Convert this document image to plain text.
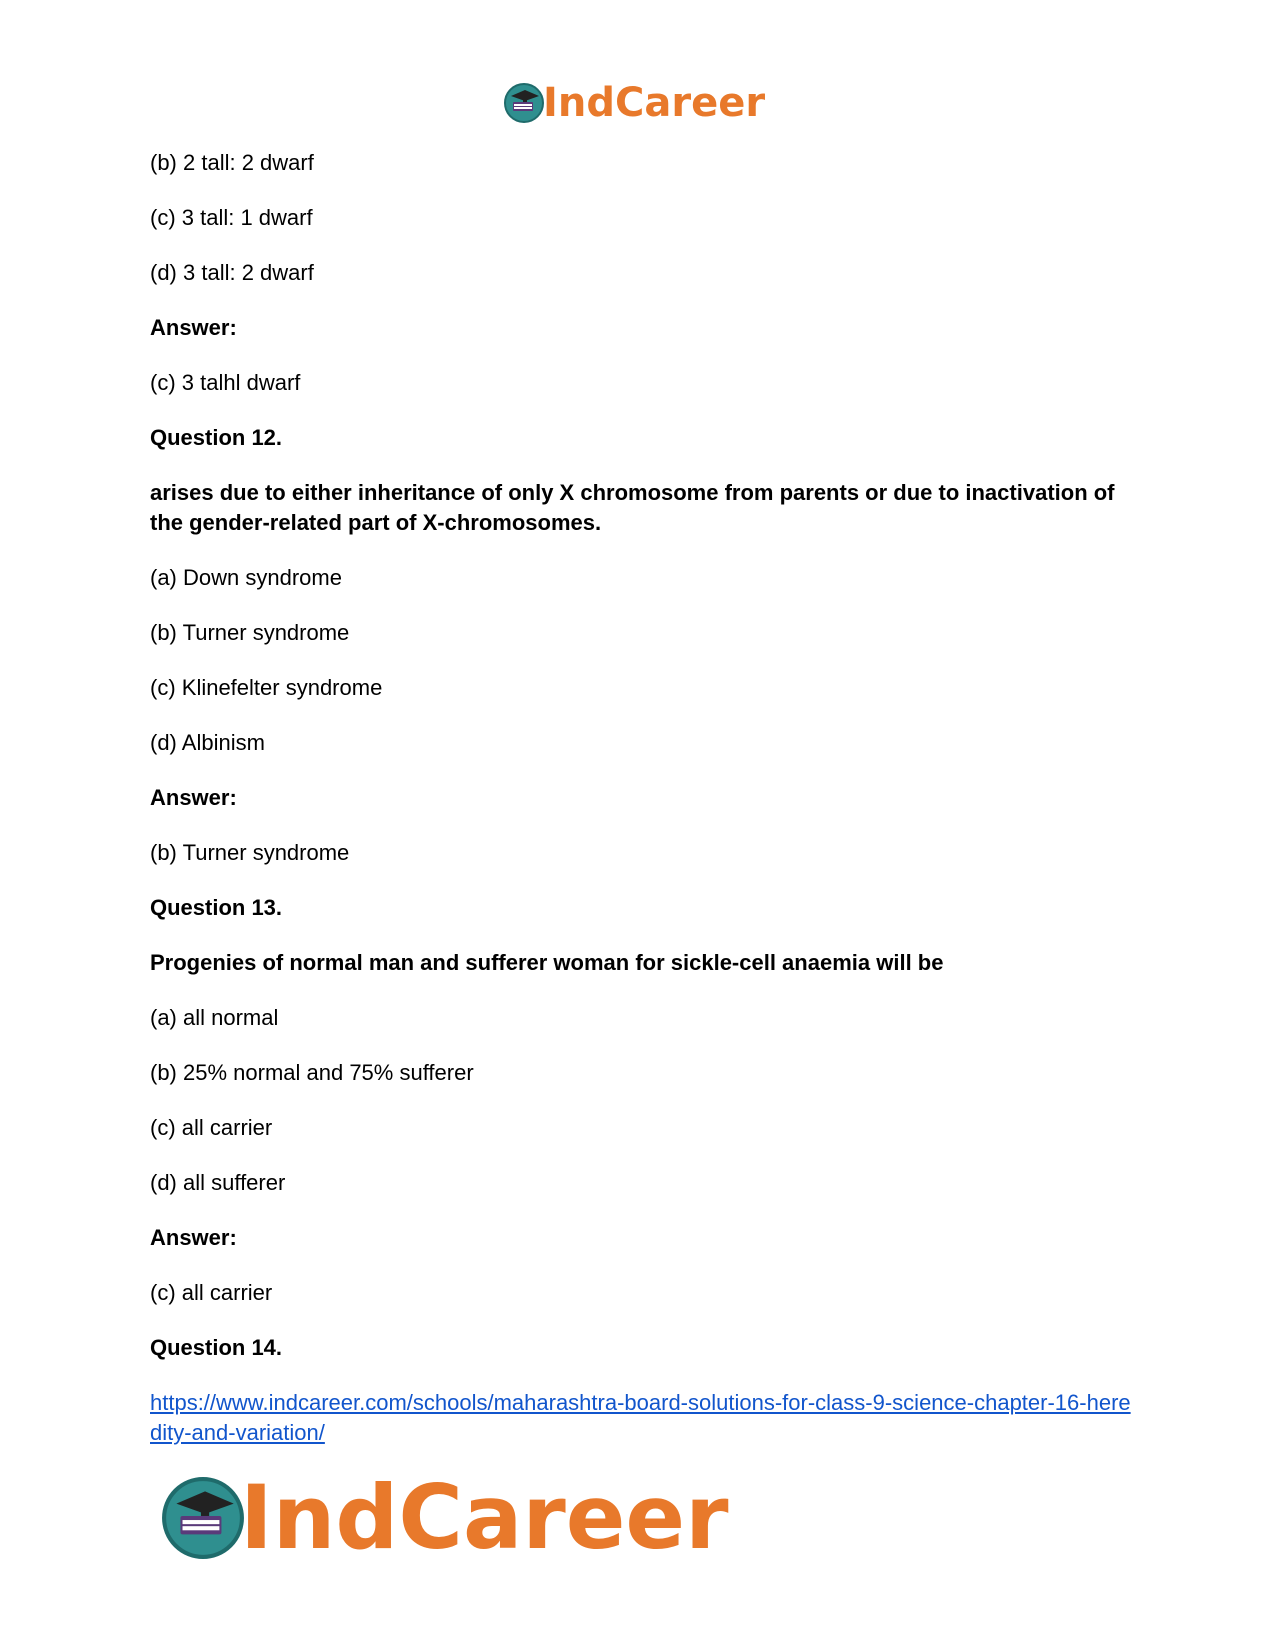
IndCareer
(b) 2 tall: 2 dwarf
(c) 3 tall: 1 dwarf
(d) 3 tall: 2 dwarf
Answer:
(c) 3 talhl dwarf
Question 12.
arises due to either inheritance of only X chromosome from parents or due to inactivation of the gender-related part of X-chromosomes.
(a) Down syndrome
(b) Turner syndrome
(c) Klinefelter syndrome
(d) Albinism
Answer:
(b) Turner syndrome
Question 13.
Progenies of normal man and sufferer woman for sickle-cell anaemia will be
(a) all normal
(b) 25% normal and 75% sufferer
(c) all carrier
(d) all sufferer
Answer:
(c) all carrier
Question 14.
https://www.indcareer.com/schools/maharashtra-board-solutions-for-class-9-science-chapter-16-heredity-and-variation/
IndCareer
